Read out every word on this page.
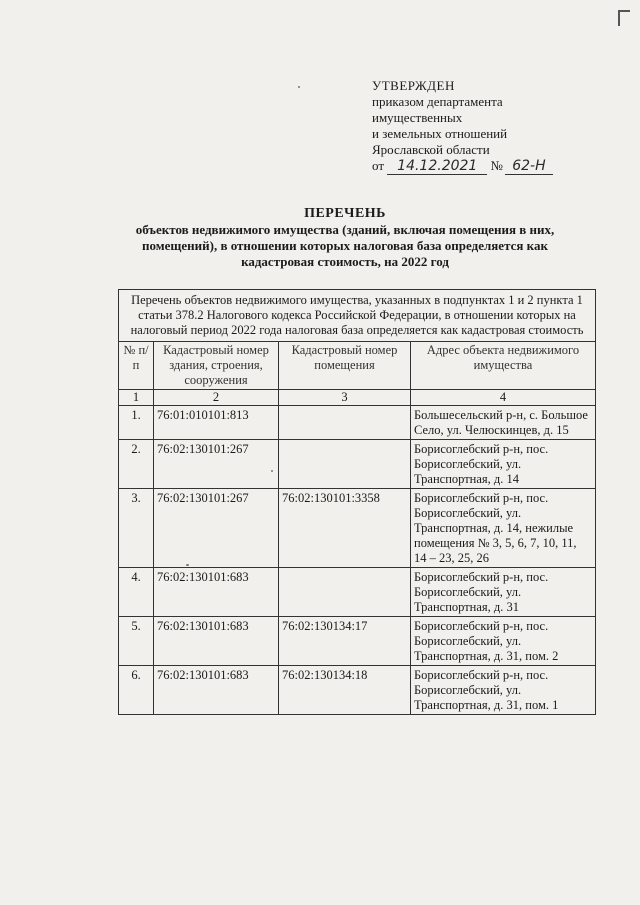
УТВЕРЖДЕН
приказом департамента
имущественных
и земельных отношений
Ярославской области
от 14.12.2021 № 62-Н
ПЕРЕЧЕНЬ
объектов недвижимого имущества (зданий, включая помещения в них,
помещений), в отношении которых налоговая база определяется как
кадастровая стоимость, на 2022 год
Перечень объектов недвижимого имущества, указанных в подпунктах 1 и 2 пункта 1 статьи 378.2 Налогового кодекса Российской Федерации, в отношении которых на налоговый период 2022 года налоговая база определяется как кадастровая стоимость			
№ п/п	Кадастровый номер здания, строения, сооружения	Кадастровый номер помещения	Адрес объекта недвижимого имущества
1	2	3	4
1.	76:01:010101:813		Большесельский р-н, с. Большое Село, ул. Челюскинцев, д. 15
2.	76:02:130101:267		Борисоглебский р-н, пос. Борисоглебский, ул. Транспортная, д. 14
3.	76:02:130101:267	76:02:130101:3358	Борисоглебский р-н, пос. Борисоглебский, ул. Транспортная, д. 14, нежилые помещения № 3, 5, 6, 7, 10, 11, 14 – 23, 25, 26
4.	76:02:130101:683		Борисоглебский р-н, пос. Борисоглебский, ул. Транспортная, д. 31
5.	76:02:130101:683	76:02:130134:17	Борисоглебский р-н, пос. Борисоглебский, ул. Транспортная, д. 31, пом. 2
6.	76:02:130101:683	76:02:130134:18	Борисоглебский р-н, пос. Борисоглебский, ул. Транспортная, д. 31, пом. 1
